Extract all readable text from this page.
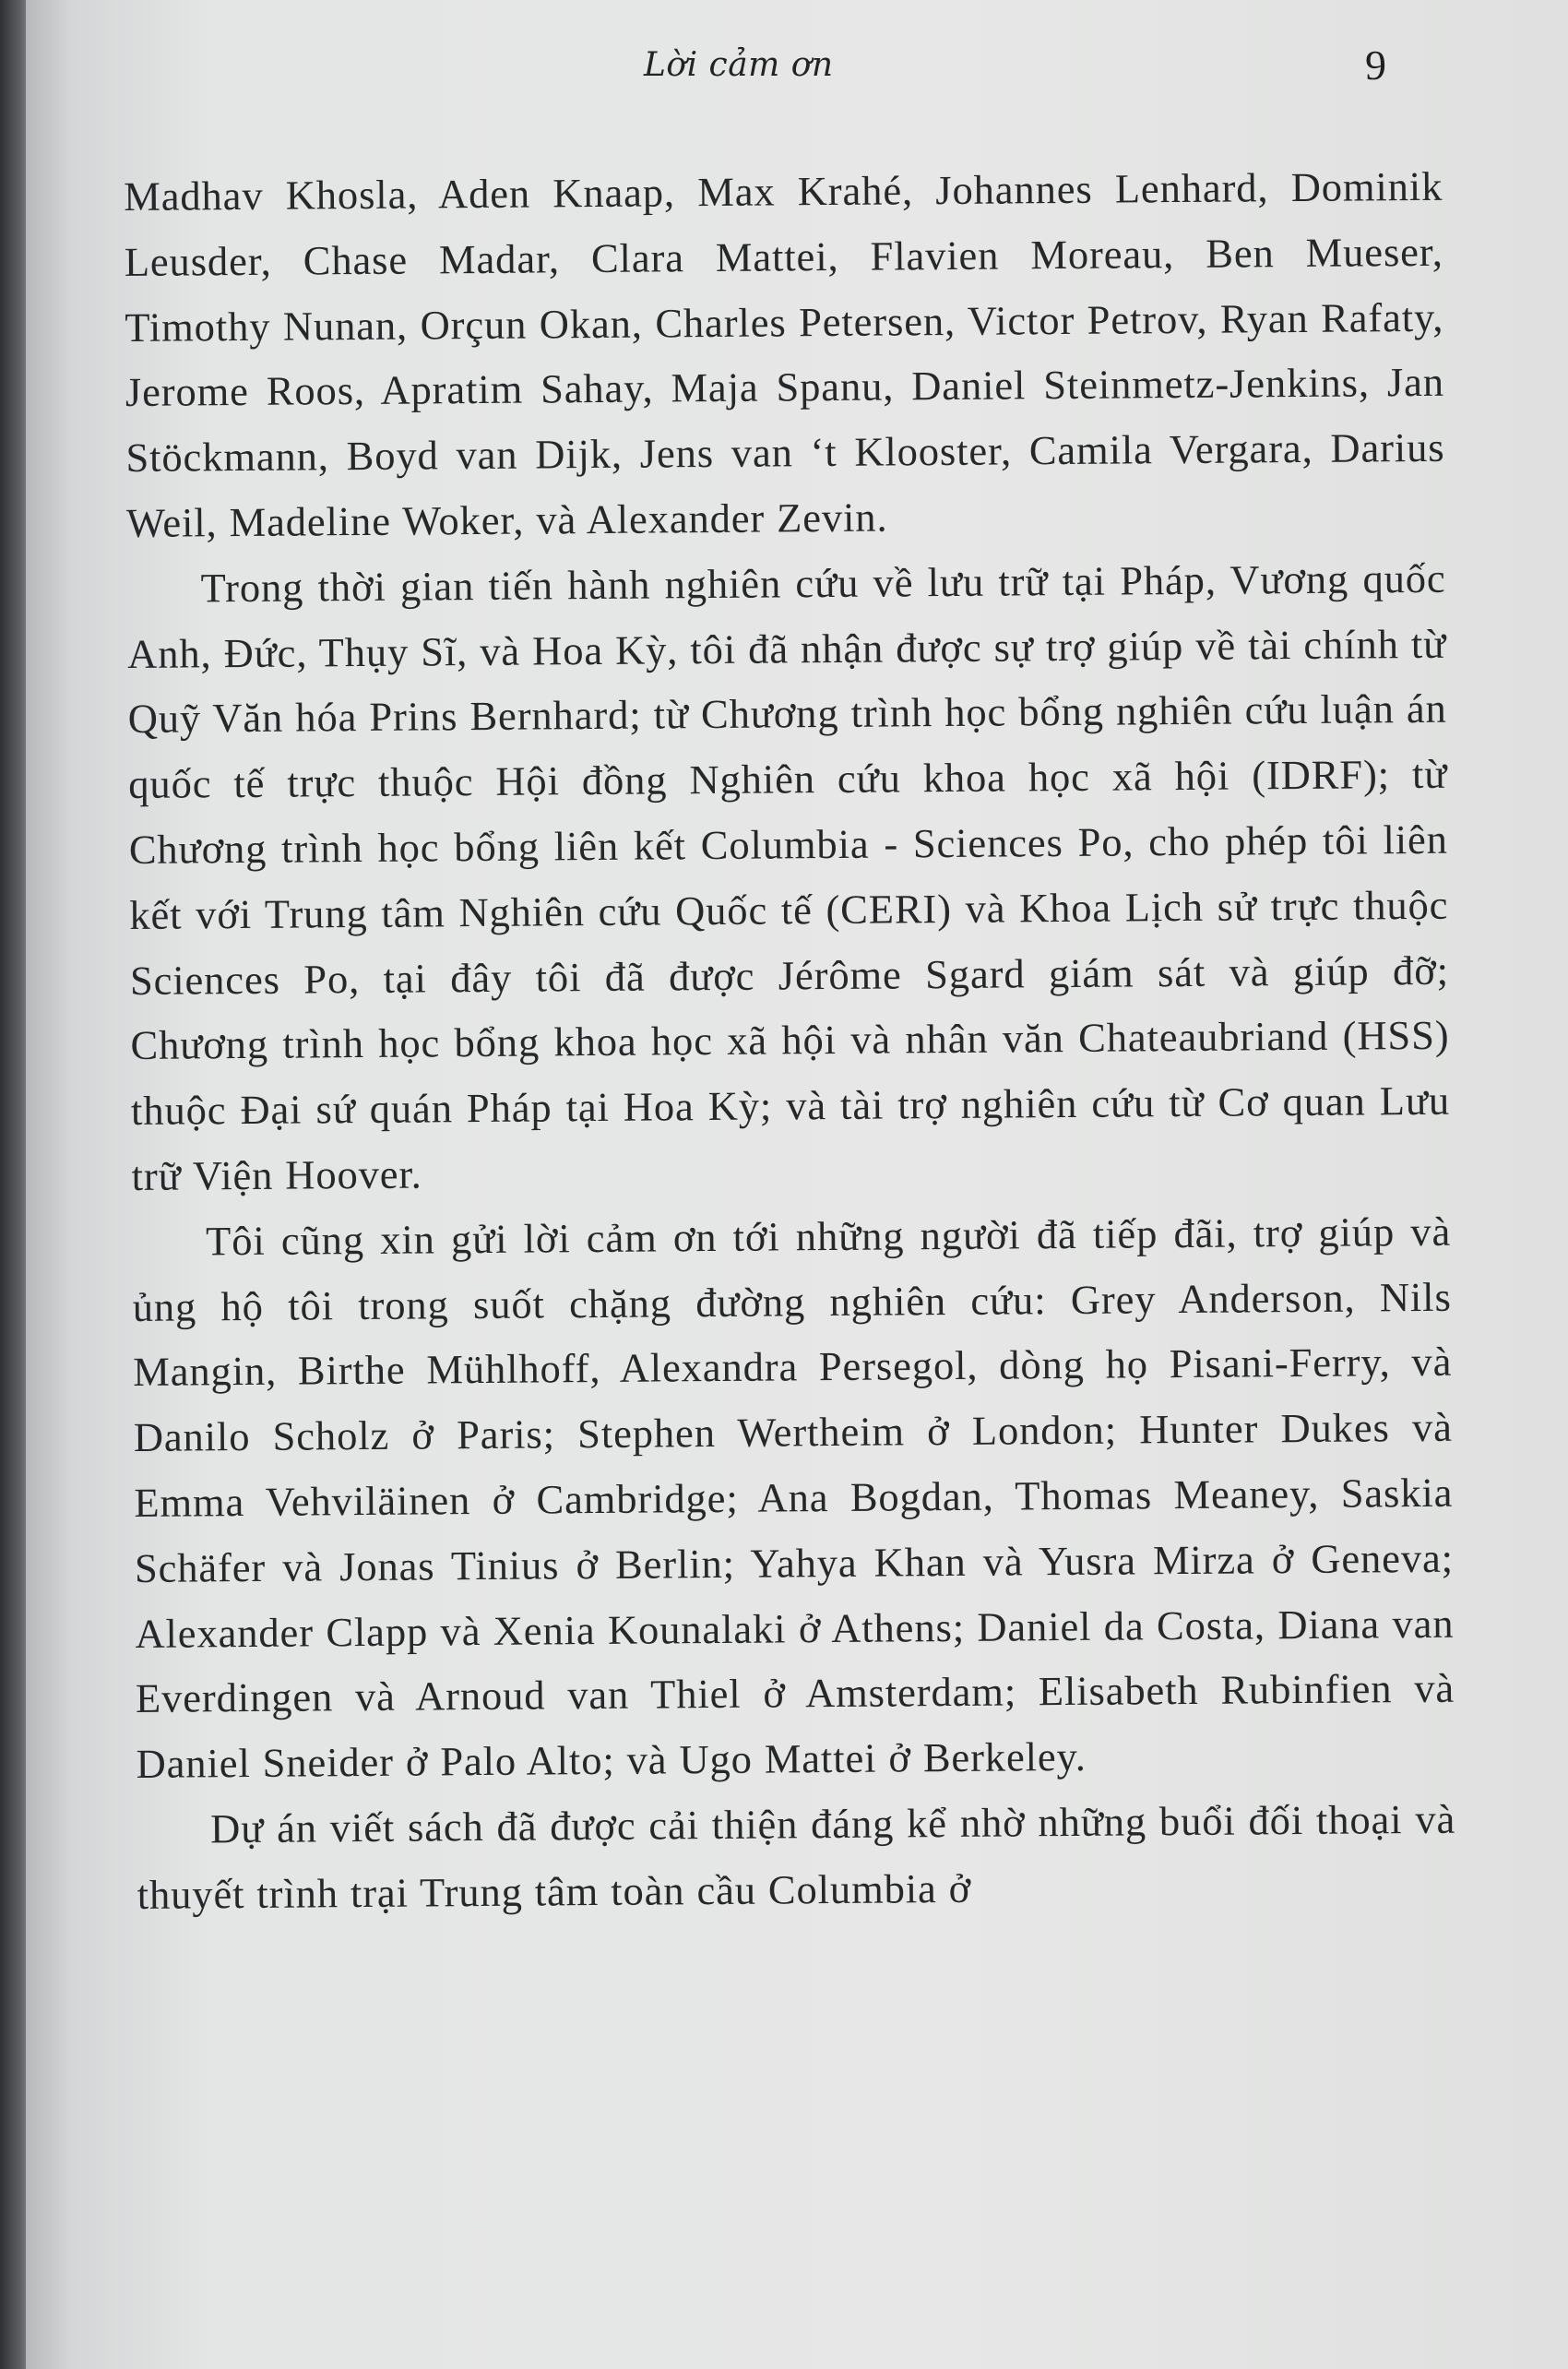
Lời cảm ơn	9

Madhav Khosla, Aden Knaap, Max Krahé, Johannes Lenhard, Dominik Leusder, Chase Madar, Clara Mattei, Flavien Moreau, Ben Mueser, Timothy Nunan, Orçun Okan, Charles Petersen, Victor Petrov, Ryan Rafaty, Jerome Roos, Apratim Sahay, Maja Spanu, Daniel Steinmetz-Jenkins, Jan Stöckmann, Boyd van Dijk, Jens van ‘t Klooster, Camila Vergara, Darius Weil, Madeline Woker, và Alexander Zevin.

Trong thời gian tiến hành nghiên cứu về lưu trữ tại Pháp, Vương quốc Anh, Đức, Thụy Sĩ, và Hoa Kỳ, tôi đã nhận được sự trợ giúp về tài chính từ Quỹ Văn hóa Prins Bernhard; từ Chương trình học bổng nghiên cứu luận án quốc tế trực thuộc Hội đồng Nghiên cứu khoa học xã hội (IDRF); từ Chương trình học bổng liên kết Columbia - Sciences Po, cho phép tôi liên kết với Trung tâm Nghiên cứu Quốc tế (CERI) và Khoa Lịch sử trực thuộc Sciences Po, tại đây tôi đã được Jérôme Sgard giám sát và giúp đỡ; Chương trình học bổng khoa học xã hội và nhân văn Chateaubriand (HSS) thuộc Đại sứ quán Pháp tại Hoa Kỳ; và tài trợ nghiên cứu từ Cơ quan Lưu trữ Viện Hoover.

Tôi cũng xin gửi lời cảm ơn tới những người đã tiếp đãi, trợ giúp và ủng hộ tôi trong suốt chặng đường nghiên cứu: Grey Anderson, Nils Mangin, Birthe Mühlhoff, Alexandra Persegol, dòng họ Pisani-Ferry, và Danilo Scholz ở Paris; Stephen Wertheim ở London; Hunter Dukes và Emma Vehviläinen ở Cambridge; Ana Bogdan, Thomas Meaney, Saskia Schäfer và Jonas Tinius ở Berlin; Yahya Khan và Yusra Mirza ở Geneva; Alexander Clapp và Xenia Kounalaki ở Athens; Daniel da Costa, Diana van Everdingen và Arnoud van Thiel ở Amsterdam; Elisabeth Rubinfien và Daniel Sneider ở Palo Alto; và Ugo Mattei ở Berkeley.

Dự án viết sách đã được cải thiện đáng kể nhờ những buổi đối thoại và thuyết trình trại Trung tâm toàn cầu Columbia ở
